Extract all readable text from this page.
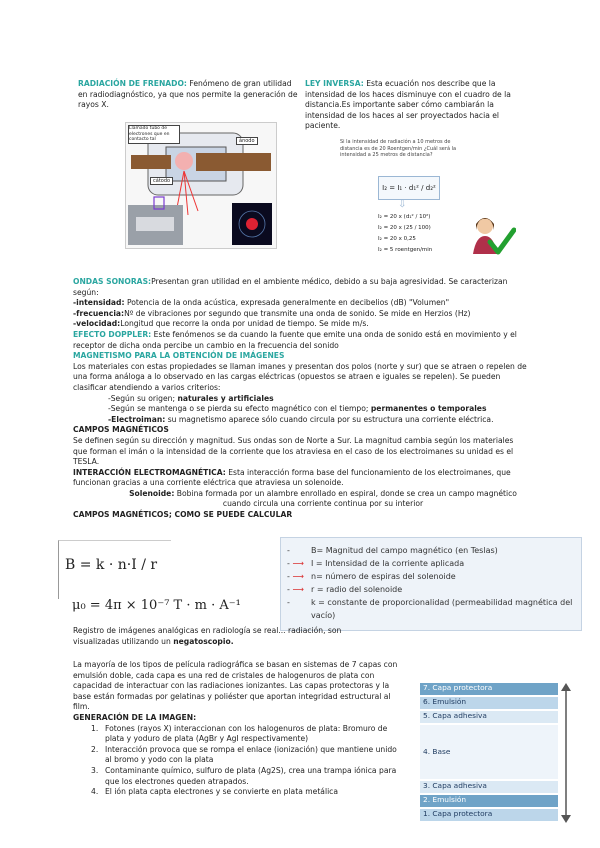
RADIACIÓN DE FRENADO: Fenómeno de gran utilidad en radiodiagnóstico, ya que nos permite la generación de rayos X.
Llamado tubo de electrones que en contacto tal	ánodo
cátodo
LEY INVERSA: Esta ecuación nos describe que la intensidad de los haces disminuye con el cuadro de la distancia.Es importante saber cómo cambiarán la intensidad de los haces al ser proyectados hacia el paciente.
Si la intensidad de radiación a 10 metros de distancia es de 20 Roentgen/min ¿Cuál será la intensidad a 25 metros de distancia?
I₂ = I₁ · d₁² / d₂²
⇩
I₂ = 20 x (d₁² / 10²)
I₂ = 20 x (25 / 100)
I₂ = 20 x 0,25
I₂ = 5 roentgen/min
ONDAS SONORAS:Presentan gran utilidad en el ambiente médico, debido a su baja agresividad. Se caracterizan según:
-intensidad: Potencia de la onda acústica, expresada generalmente en decibelios (dB) "Volumen"
-frecuencia:Nº de vibraciones por segundo que transmite una onda de sonido. Se mide en Herzios (Hz)
-velocidad:Longitud que recorre la onda por unidad de tiempo. Se mide m/s.
EFECTO DOPPLER: Este fenómenos se da cuando la fuente que emite una onda de sonido está en movimiento y el receptor de dicha onda percibe un cambio en la frecuencia del sonido
MAGNETISMO PARA LA OBTENCIÓN DE IMÁGENES
Los materiales con estas propiedades se llaman imanes y presentan dos polos (norte y sur) que se atraen o repelen de una forma análoga a lo observado en las cargas eléctricas (opuestos se atraen e iguales se repelen). Se pueden clasificar atendiendo a varios criterios:
-Según su origen; naturales y artificiales
-Según se mantenga o se pierda su efecto magnético con el tiempo; permanentes o temporales
-Electroiman: su magnetismo aparece sólo cuando circula por su estructura una corriente eléctrica.
CAMPOS MAGNÉTICOS
Se definen según su dirección y magnitud. Sus ondas son de Norte a Sur. La magnitud cambia según los materiales que forman el imán o la intensidad de la corriente que los atraviesa en el caso de los electroimanes su unidad es el TESLA.
INTERACCIÓN ELECTROMAGNÉTICA: Esta interacción forma base del funcionamiento de los electroimanes, que funcionan gracias a una corriente eléctrica que atraviesa un solenoide.
Solenoide: Bobina formada por un alambre enrollado en espiral, donde se crea un campo magnético cuando circula una corriente continua por su interior
CAMPOS MAGNÉTICOS; COMO SE PUEDE CALCULAR
B = k · n·I / r
μ₀ = 4π × 10⁻⁷ T · m · A⁻¹
-	B= Magnitud del campo magnético (en Teslas)
- ⟶ I = Intensidad de la corriente aplicada
- ⟶ n= número de espiras del solenoide
- ⟶ r = radio del solenoide
-	k = constante de proporcionalidad (permeabilidad magnética del vacío)
Registro de imágenes analógicas en radiología se real... radiación, son visualizadas utilizando un negatoscopio.
La mayoría de los tipos de película radiográfica se basan en sistemas de 7 capas con emulsión doble, cada capa es una red de cristales de halogenuros de plata con capacidad de interactuar con las radiaciones ionizantes. Las capas protectoras y la base están formadas por gelatinas y poliéster que aportan integridad estructural al film.
GENERACIÓN DE LA IMAGEN:
1. Fotones (rayos X) interaccionan con los halogenuros de plata: Bromuro de plata y yoduro de plata (AgBr y AgI respectivamente)
2. Interacción provoca que se rompa el enlace (ionización) que mantiene unido al bromo y yodo con la plata
3. Contaminante químico, sulfuro de plata (Ag2S), crea una trampa iónica para que los electrones queden atrapados.
4. El ión plata capta electrones y se convierte en plata metálica
7. Capa protectora
6. Emulsión
5. Capa adhesiva
4. Base
3. Capa adhesiva
2. Emulsión
1. Capa protectora
